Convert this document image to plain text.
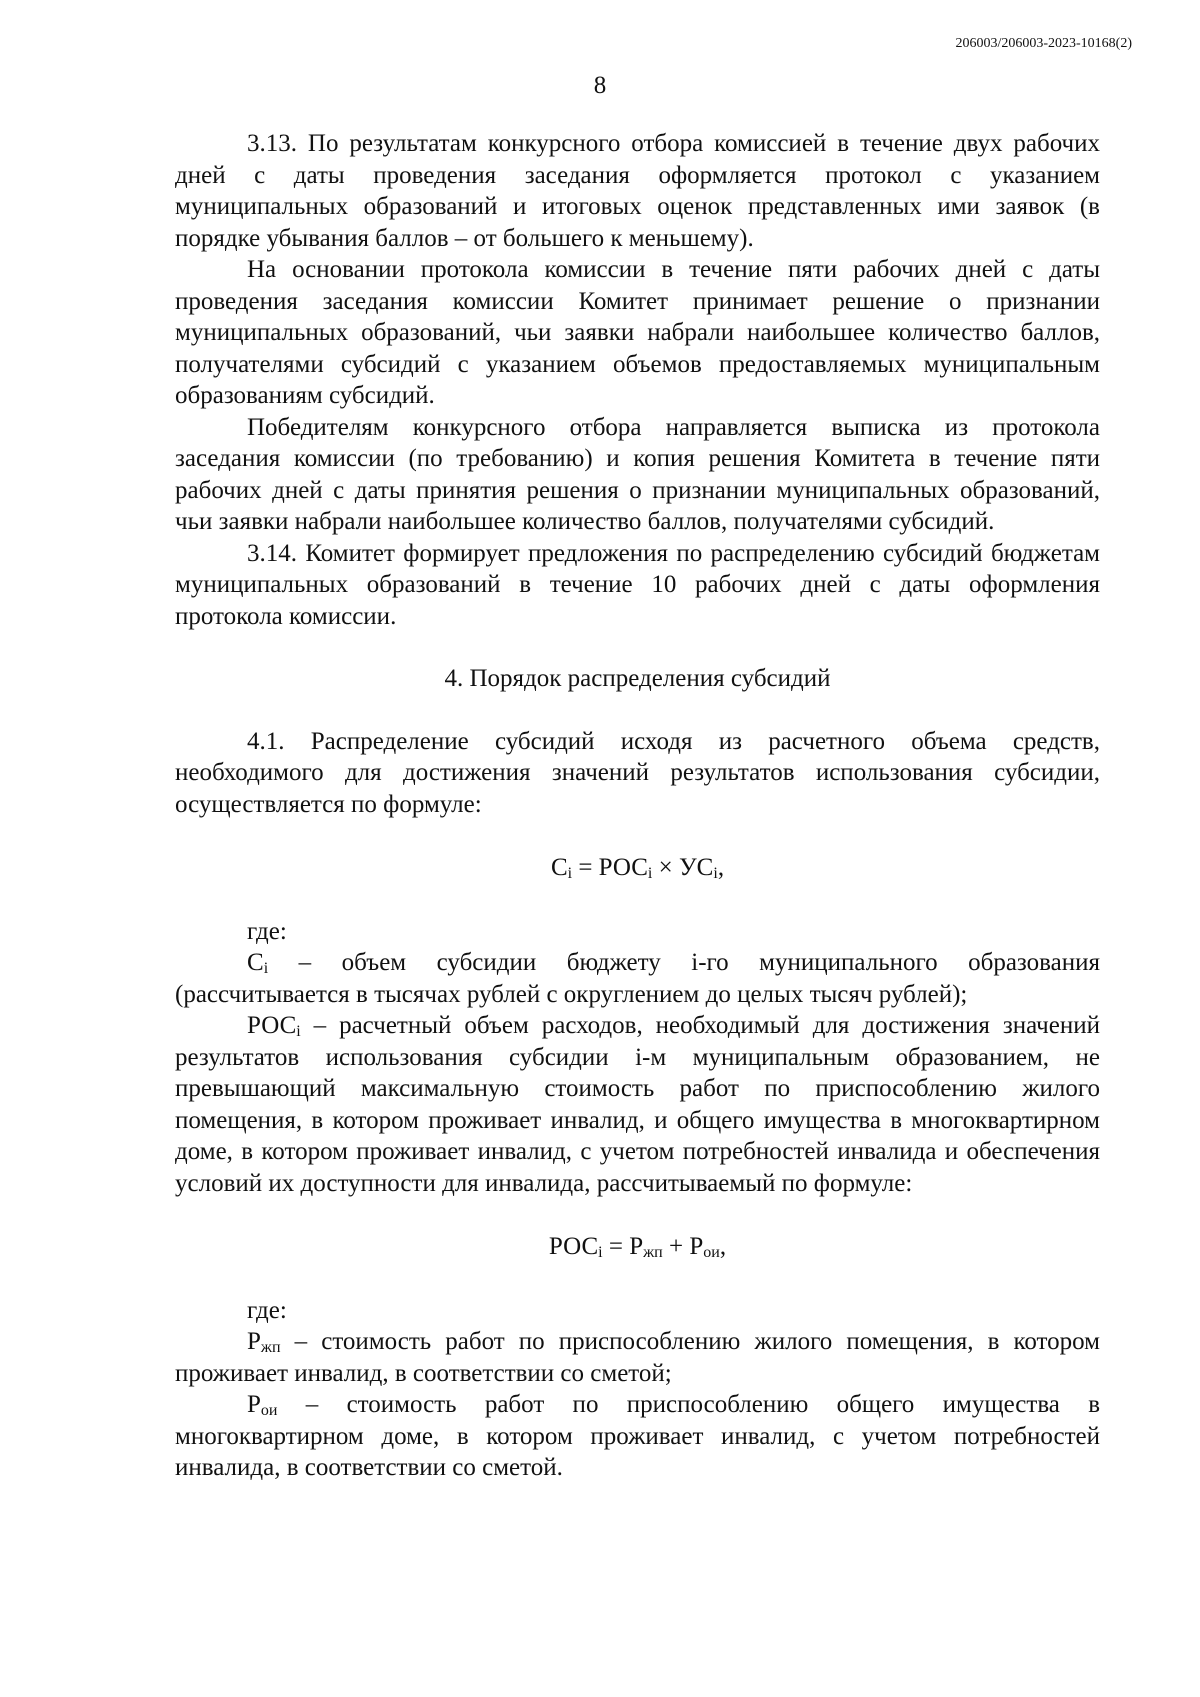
206003/206003-2023-10168(2)
8

3.13. По результатам конкурсного отбора комиссией в течение двух рабочих дней с даты проведения заседания оформляется протокол с указанием муниципальных образований и итоговых оценок представленных ими заявок (в порядке убывания баллов – от большего к меньшему).

На основании протокола комиссии в течение пяти рабочих дней с даты проведения заседания комиссии Комитет принимает решение о признании муниципальных образований, чьи заявки набрали наибольшее количество баллов, получателями субсидий с указанием объемов предоставляемых муниципальным образованиям субсидий.

Победителям конкурсного отбора направляется выписка из протокола заседания комиссии (по требованию) и копия решения Комитета в течение пяти рабочих дней с даты принятия решения о признании муниципальных образований, чьи заявки набрали наибольшее количество баллов, получателями субсидий.

3.14. Комитет формирует предложения по распределению субсидий бюджетам муниципальных образований в течение 10 рабочих дней с даты оформления протокола комиссии.

4. Порядок распределения субсидий

4.1. Распределение субсидий исходя из расчетного объема средств, необходимого для достижения значений результатов использования субсидии, осуществляется по формуле:

$C_i = РОС_i \times УС_i$,

где:

$C_i$ – объем субсидии бюджету i-го муниципального образования (рассчитывается в тысячах рублей с округлением до целых тысяч рублей);

$РОС_i$ – расчетный объем расходов, необходимый для достижения значений результатов использования субсидии i-м муниципальным образованием, не превышающий максимальную стоимость работ по приспособлению жилого помещения, в котором проживает инвалид, и общего имущества в многоквартирном доме, в котором проживает инвалид, с учетом потребностей инвалида и обеспечения условий их доступности для инвалида, рассчитываемый по формуле:

$РОС_i = Р_{жп} + Р_{ои}$,

где:

$Р_{жп}$ – стоимость работ по приспособлению жилого помещения, в котором проживает инвалид, в соответствии со сметой;

$Р_{ои}$ – стоимость работ по приспособлению общего имущества в многоквартирном доме, в котором проживает инвалид, с учетом потребностей инвалида, в соответствии со сметой.
